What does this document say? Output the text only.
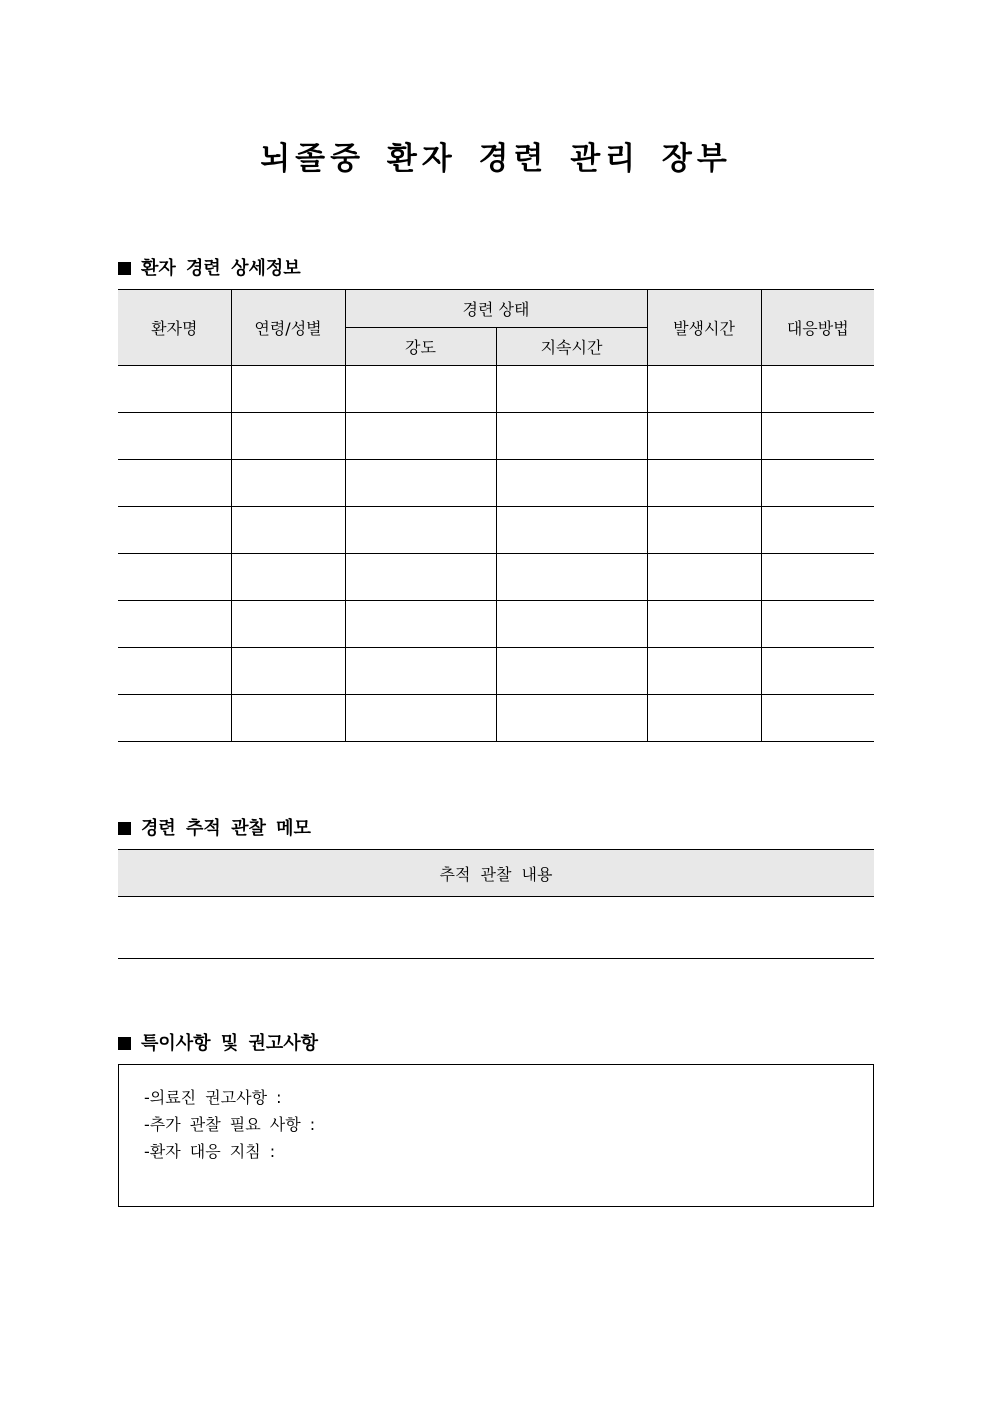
뇌졸중 환자 경련 관리 장부
환자 경련 상세정보
환자명	연령/성별	경련 상태		발생시간	대응방법
		강도	지속시간		

경련 추적 관찰 메모
추적 관찰 내용

특이사항 및 권고사항
-의료진 권고사항 :
-추가 관찰 필요 사항 :
-환자 대응 지침 :
